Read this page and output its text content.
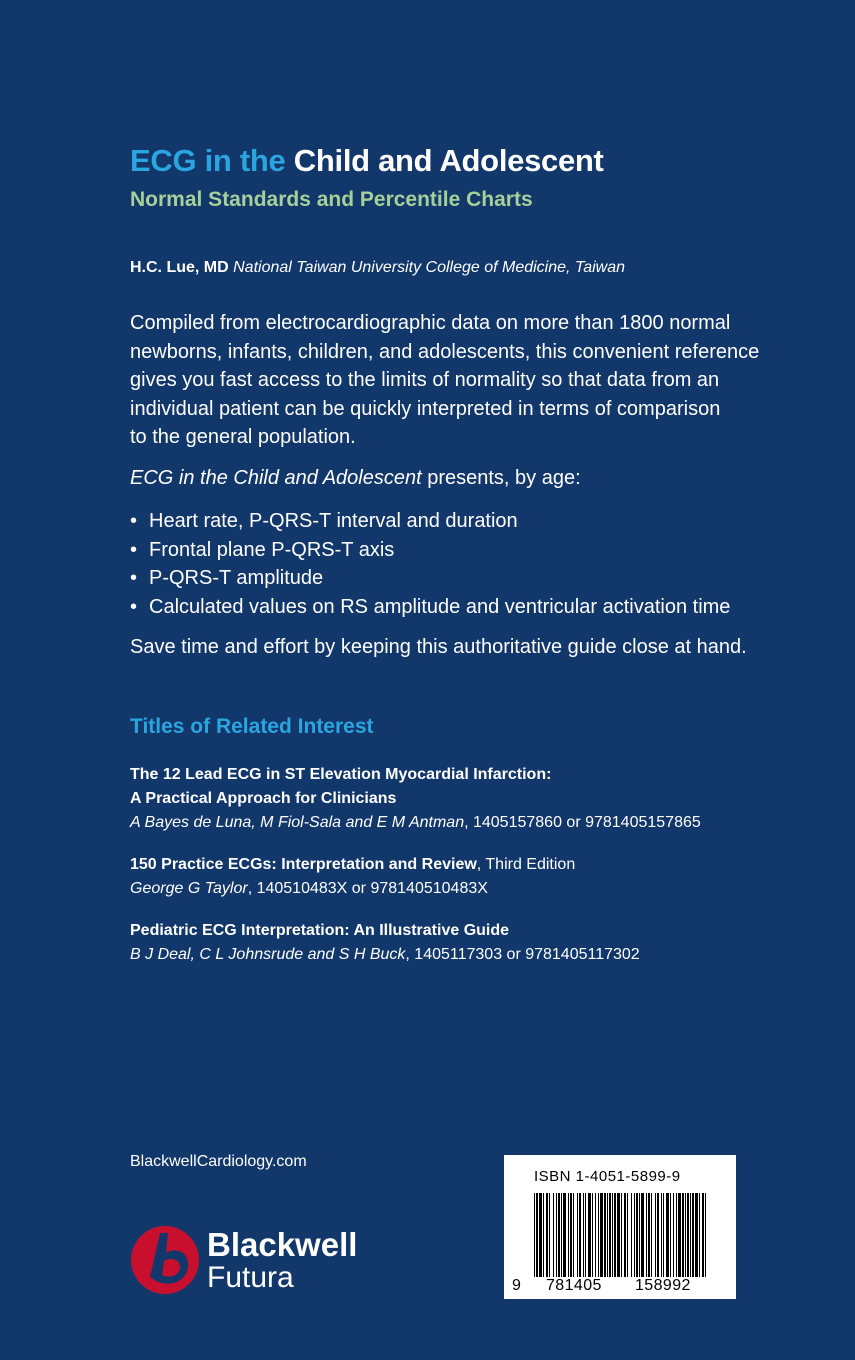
ECG in the Child and Adolescent
Normal Standards and Percentile Charts
H.C. Lue, MD National Taiwan University College of Medicine, Taiwan
Compiled from electrocardiographic data on more than 1800 normal
newborns, infants, children, and adolescents, this convenient reference
gives you fast access to the limits of normality so that data from an
individual patient can be quickly interpreted in terms of comparison
to the general population.
ECG in the Child and Adolescent presents, by age:
• Heart rate, P-QRS-T interval and duration
• Frontal plane P-QRS-T axis
• P-QRS-T amplitude
• Calculated values on RS amplitude and ventricular activation time
Save time and effort by keeping this authoritative guide close at hand.
Titles of Related Interest
The 12 Lead ECG in ST Elevation Myocardial Infarction:
A Practical Approach for Clinicians
A Bayes de Luna, M Fiol-Sala and E M Antman, 1405157860 or 9781405157865
150 Practice ECGs: Interpretation and Review, Third Edition
George G Taylor, 140510483X or 978140510483X
Pediatric ECG Interpretation: An Illustrative Guide
B J Deal, C L Johnsrude and S H Buck, 1405117303 or 9781405117302
BlackwellCardiology.com
Blackwell
Futura
ISBN 1-4051-5899-9
9 781405 158992
